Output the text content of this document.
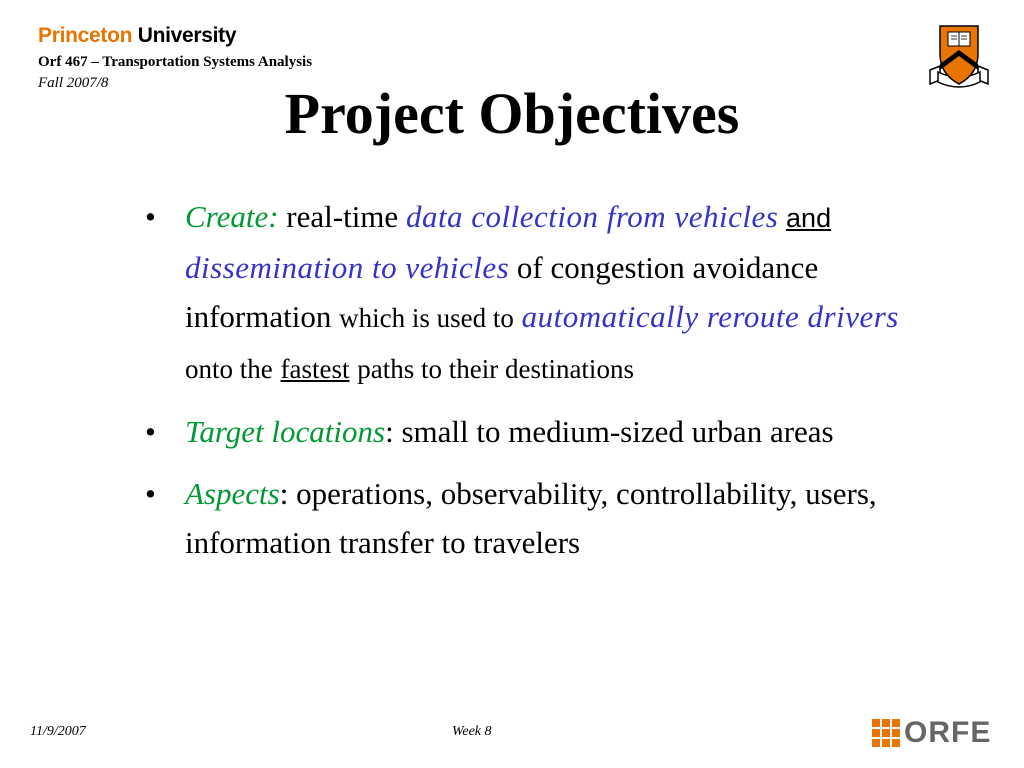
Princeton University
Orf 467 – Transportation Systems Analysis
Fall 2007/8	Project Objectives
• Create: real-time data collection from vehicles and dissemination to vehicles of congestion avoidance information which is used to automatically reroute drivers onto the fastest paths to their destinations
• Target locations: small to medium-sized urban areas
• Aspects: operations, observability, controllability, users, information transfer to travelers
11/9/2007	Week 8	ORFE
